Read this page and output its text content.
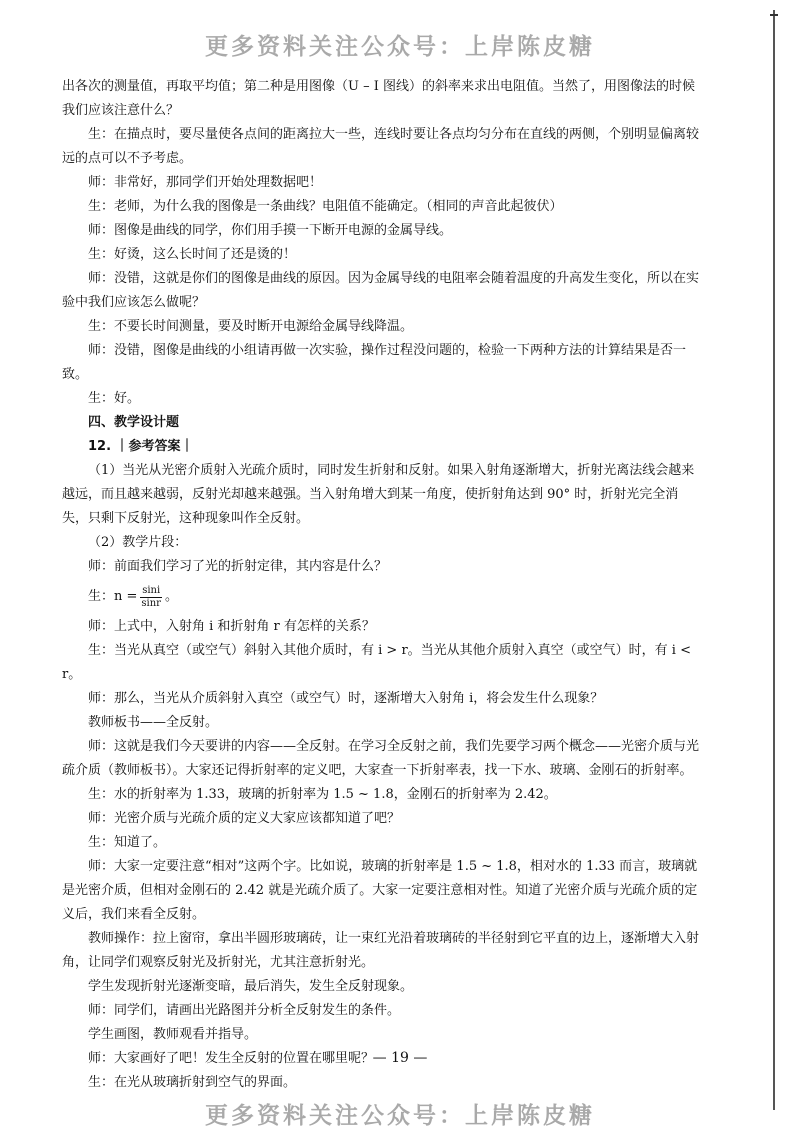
更多资料关注公众号：上岸陈皮糖

出各次的测量值，再取平均值；第二种是用图像（U – I 图线）的斜率来求出电阻值。当然了，用图像法的时候我们应该注意什么？

生：在描点时，要尽量使各点间的距离拉大一些，连线时要让各点均匀分布在直线的两侧，个别明显偏离较远的点可以不予考虑。

师：非常好，那同学们开始处理数据吧！

生：老师，为什么我的图像是一条曲线？电阻值不能确定。（相同的声音此起彼伏）

师：图像是曲线的同学，你们用手摸一下断开电源的金属导线。

生：好烫，这么长时间了还是烫的！

师：没错，这就是你们的图像是曲线的原因。因为金属导线的电阻率会随着温度的升高发生变化，所以在实验中我们应该怎么做呢？

生：不要长时间测量，要及时断开电源给金属导线降温。

师：没错，图像是曲线的小组请再做一次实验，操作过程没问题的，检验一下两种方法的计算结果是否一致。

生：好。

四、教学设计题

12. ｜参考答案｜

（1）当光从光密介质射入光疏介质时，同时发生折射和反射。如果入射角逐渐增大，折射光离法线会越来越远，而且越来越弱，反射光却越来越强。当入射角增大到某一角度，使折射角达到 90° 时，折射光完全消失，只剩下反射光，这种现象叫作全反射。

（2）教学片段：

师：前面我们学习了光的折射定律，其内容是什么？

生：$n = \frac{\sin i}{\sin r}$ 。

师：上式中，入射角 i 和折射角 r 有怎样的关系？

生：当光从真空（或空气）斜射入其他介质时，有 i > r。当光从其他介质射入真空（或空气）时，有 i < r。

师：那么，当光从介质斜射入真空（或空气）时，逐渐增大入射角 i，将会发生什么现象？

教师板书——全反射。

师：这就是我们今天要讲的内容——全反射。在学习全反射之前，我们先要学习两个概念——光密介质与光疏介质（教师板书）。大家还记得折射率的定义吧，大家查一下折射率表，找一下水、玻璃、金刚石的折射率。

生：水的折射率为 1.33，玻璃的折射率为 1.5 ~ 1.8，金刚石的折射率为 2.42。

师：光密介质与光疏介质的定义大家应该都知道了吧？

生：知道了。

师：大家一定要注意“相对”这两个字。比如说，玻璃的折射率是 1.5 ~ 1.8，相对水的 1.33 而言，玻璃就是光密介质，但相对金刚石的 2.42 就是光疏介质了。大家一定要注意相对性。知道了光密介质与光疏介质的定义后，我们来看全反射。

教师操作：拉上窗帘，拿出半圆形玻璃砖，让一束红光沿着玻璃砖的半径射到它平直的边上，逐渐增大入射角，让同学们观察反射光及折射光，尤其注意折射光。

学生发现折射光逐渐变暗，最后消失，发生全反射现象。

师：同学们，请画出光路图并分析全反射发生的条件。

学生画图，教师观看并指导。

师：大家画好了吧！发生全反射的位置在哪里呢？

生：在光从玻璃折射到空气的界面。

— 19 —
更多资料关注公众号：上岸陈皮糖
